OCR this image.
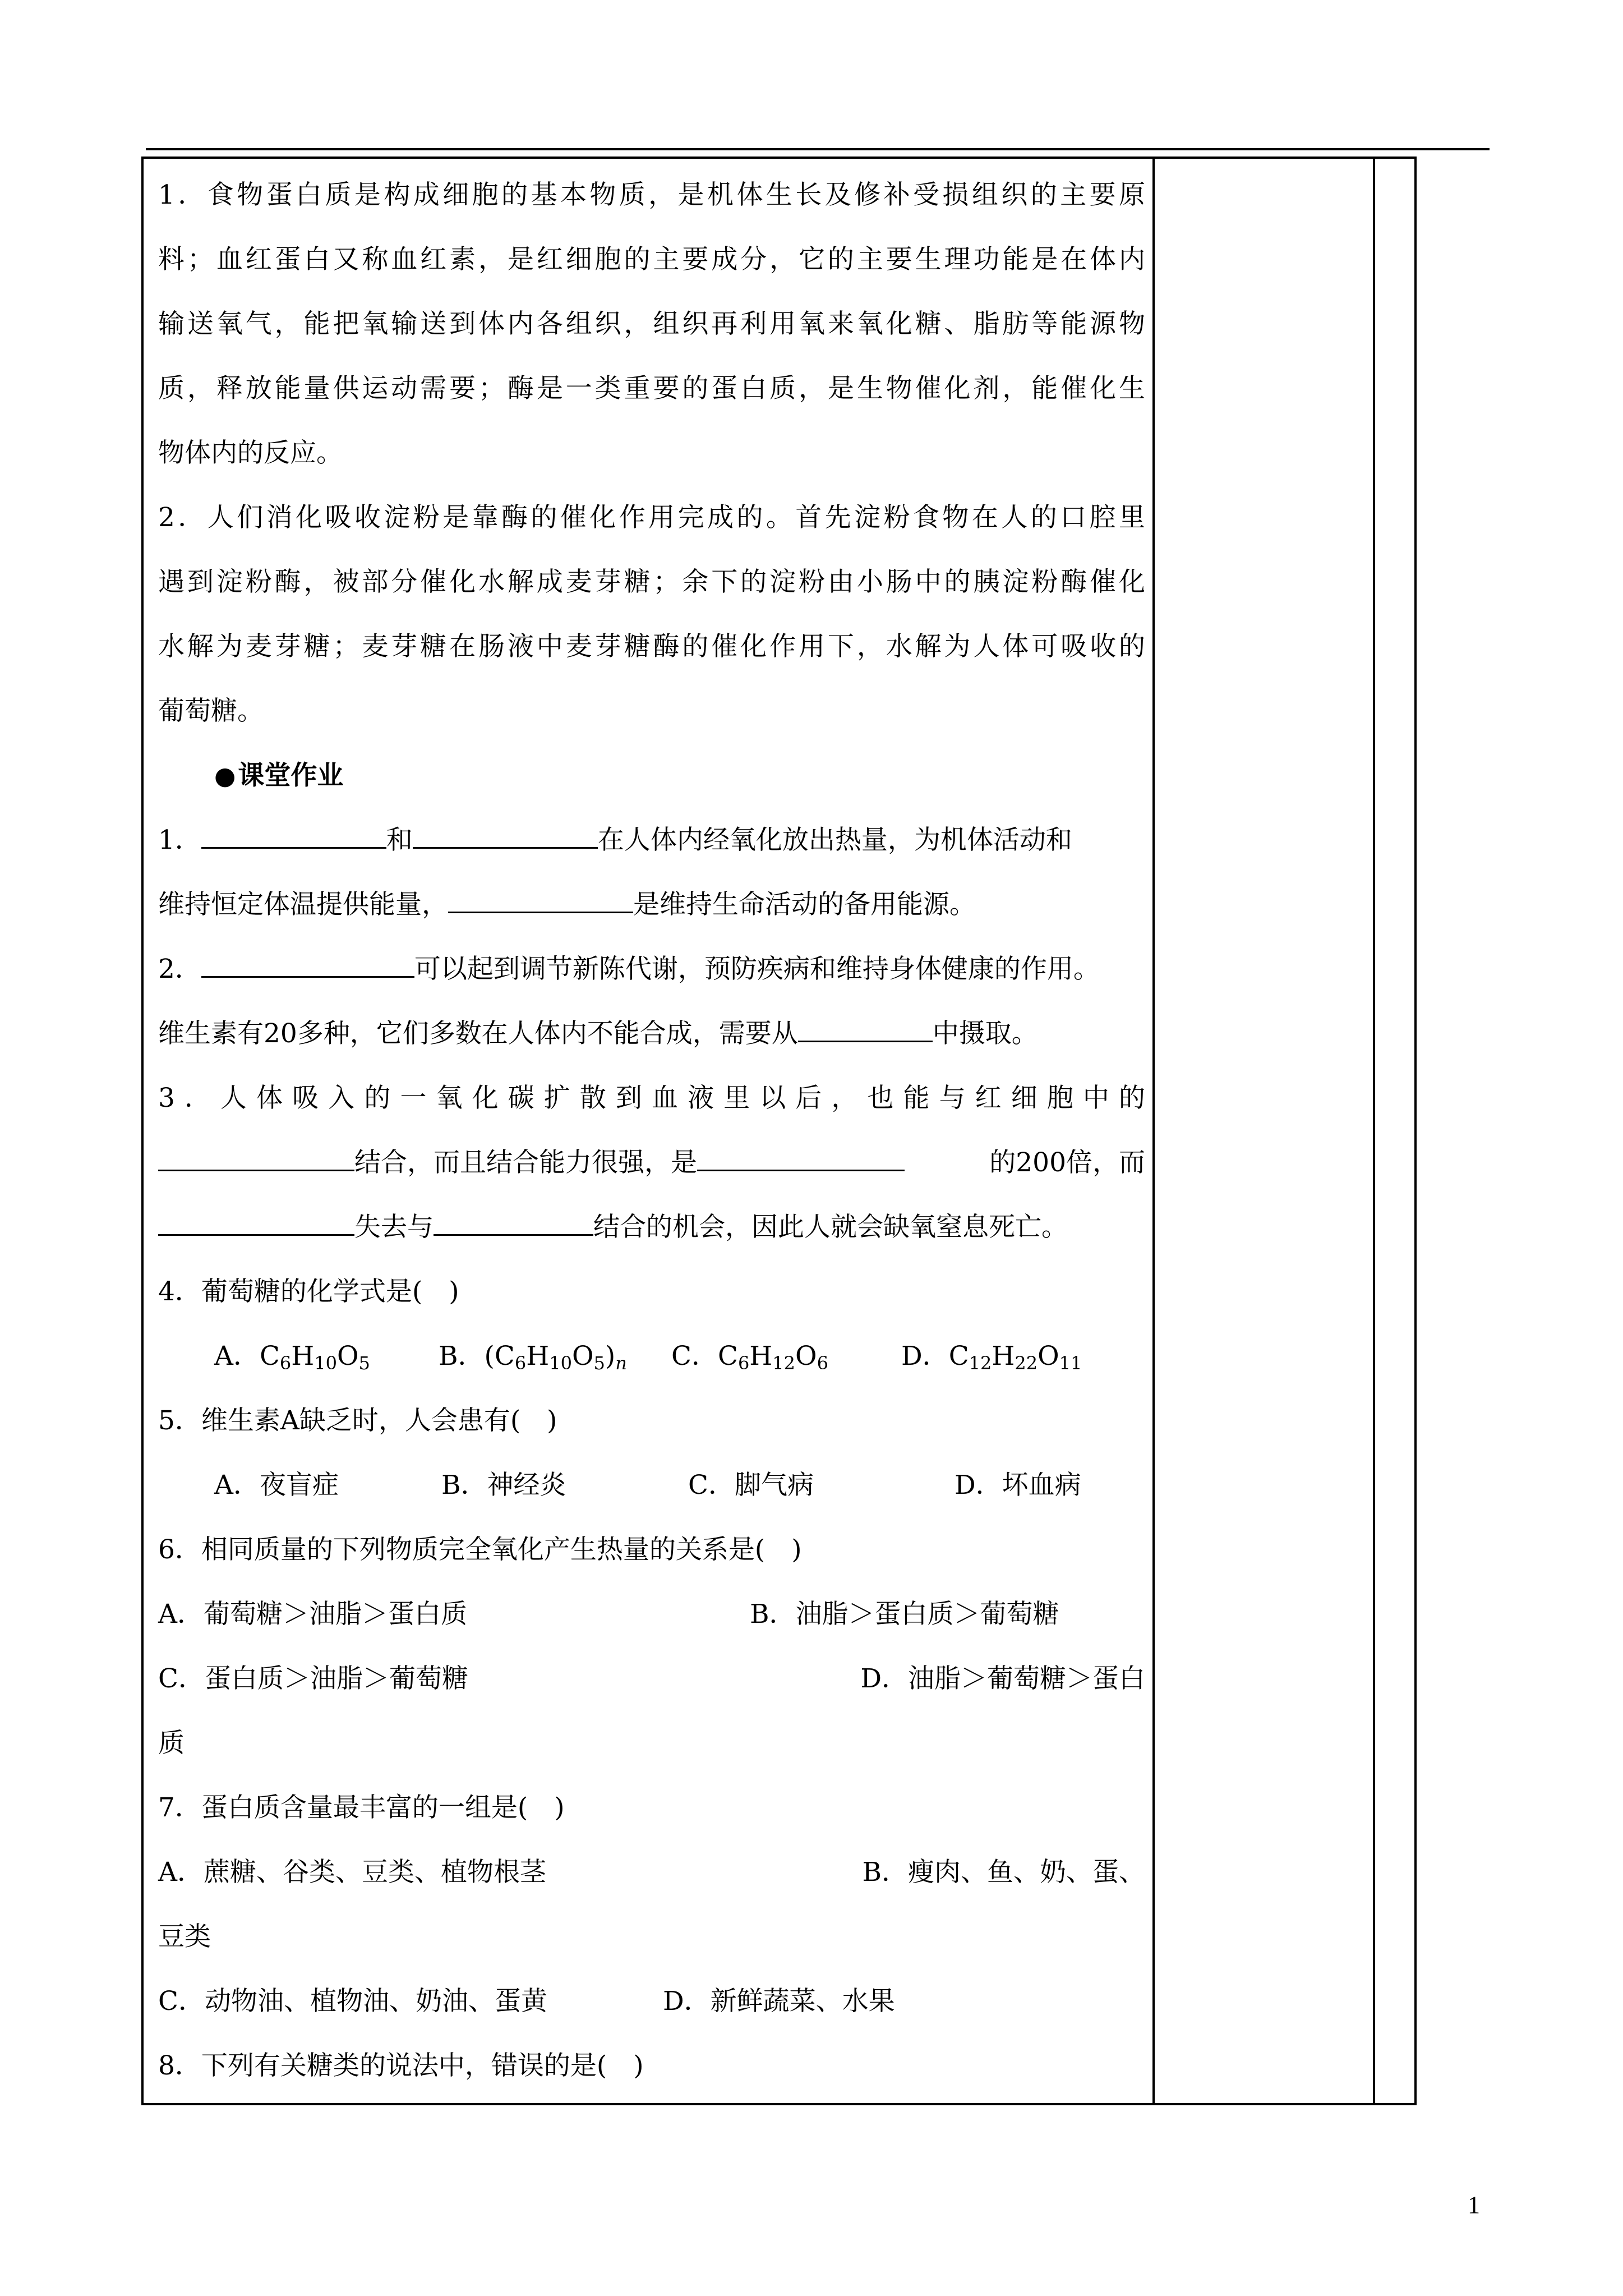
1．食物蛋白质是构成细胞的基本物质，是机体生长及修补受损组织的主要原
料；血红蛋白又称血红素，是红细胞的主要成分，它的主要生理功能是在体内
输送氧气，能把氧输送到体内各组织，组织再利用氧来氧化糖、脂肪等能源物
质，释放能量供运动需要；酶是一类重要的蛋白质，是生物催化剂，能催化生
物体内的反应。
2．人们消化吸收淀粉是靠酶的催化作用完成的。首先淀粉食物在人的口腔里
遇到淀粉酶，被部分催化水解成麦芽糖；余下的淀粉由小肠中的胰淀粉酶催化
水解为麦芽糖；麦芽糖在肠液中麦芽糖酶的催化作用下，水解为人体可吸收的
葡萄糖。
●课堂作业
1．	和	在人体内经氧化放出热量，为机体活动和
维持恒定体温提供能量，	是维持生命活动的备用能源。
2．	可以起到调节新陈代谢，预防疾病和维持身体健康的作用。
维生素有20多种，它们多数在人体内不能合成，需要从	中摄取。
3．人体吸入的一氧化碳扩散到血液里以后，也能与红细胞中的
结合，而且结合能力很强，是	的200倍，而
失去与	结合的机会，因此人就会缺氧窒息死亡。
4．葡萄糖的化学式是(　)
A．$C_6H_{10}O_5$	B．$(C_6H_{10}O_5)_n$ C．$C_6H_{12}O_6$	D．$C_{12}H_{22}O_{11}$
5．维生素A缺乏时，人会患有(　)
A．夜盲症	B．神经炎	C．脚气病	D．坏血病
6．相同质量的下列物质完全氧化产生热量的关系是(　)
A．葡萄糖＞油脂＞蛋白质	B．油脂＞蛋白质＞葡萄糖
C．蛋白质＞油脂＞葡萄糖	D．油脂＞葡萄糖＞蛋白
质
7．蛋白质含量最丰富的一组是(　)
A．蔗糖、谷类、豆类、植物根茎	B．瘦肉、鱼、奶、蛋、
豆类
C．动物油、植物油、奶油、蛋黄	D．新鲜蔬菜、水果
8．下列有关糖类的说法中，错误的是(　)
1
